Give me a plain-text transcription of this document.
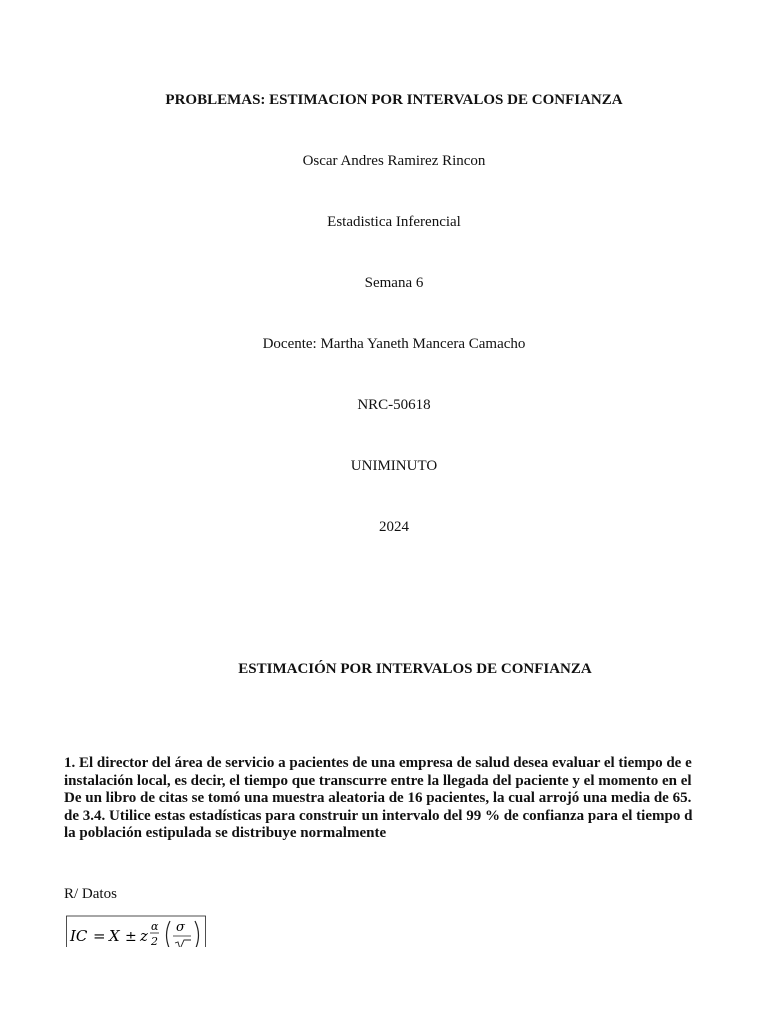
PROBLEMAS: ESTIMACION POR INTERVALOS DE CONFIANZA
Oscar Andres Ramirez Rincon
Estadistica Inferencial
Semana 6
Docente: Martha Yaneth Mancera Camacho
NRC-50618
UNIMINUTO
2024
ESTIMACIÓN POR INTERVALOS DE CONFIANZA
1. El director del área de servicio a pacientes de una empresa de salud desea evaluar el tiempo de e
instalación local, es decir, el tiempo que transcurre entre la llegada del paciente y el momento en el
De un libro de citas se tomó una muestra aleatoria de 16 pacientes, la cual arrojó una media de 65.
de 3.4. Utilice estas estadísticas para construir un intervalo del 99 % de confianza para el tiempo d
la población estipulada se distribuye normalmente
R/ Datos
IC = X ± z
α
2
σ
